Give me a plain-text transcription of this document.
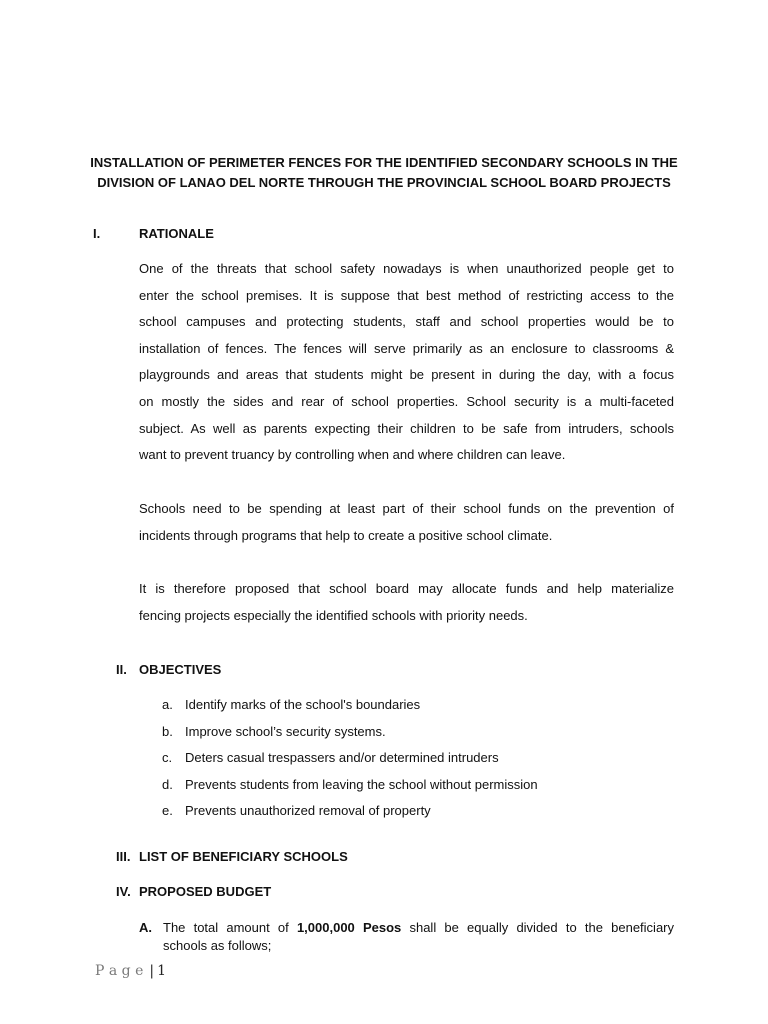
INSTALLATION OF PERIMETER FENCES FOR THE IDENTIFIED SECONDARY SCHOOLS IN THE
DIVISION OF LANAO DEL NORTE THROUGH THE PROVINCIAL SCHOOL BOARD PROJECTS
I.	RATIONALE
One of the threats that school safety nowadays is when unauthorized people get to
enter the school premises. It is suppose that best method of restricting access to the
school campuses and protecting students, staff and school properties would be to
installation of fences. The fences will serve primarily as an enclosure to classrooms &
playgrounds and areas that students might be present in during the day, with a focus
on mostly the sides and rear of school properties. School security is a multi-faceted
subject. As well as parents expecting their children to be safe from intruders, schools
want to prevent truancy by controlling when and where children can leave.
Schools need to be spending at least part of their school funds on the prevention of
incidents through programs that help to create a positive school climate.
It is therefore proposed that school board may allocate funds and help materialize
fencing projects especially the identified schools with priority needs.
II. OBJECTIVES
a. Identify marks of the school's boundaries
b. Improve school’s security systems.
c. Deters casual trespassers and/or determined intruders
d. Prevents students from leaving the school without permission
e. Prevents unauthorized removal of property
III. LIST OF BENEFICIARY SCHOOLS
IV. PROPOSED BUDGET
A. The total amount of 1,000,000 Pesos shall be equally divided to the beneficiary
schools as follows;
P a g e | 1
